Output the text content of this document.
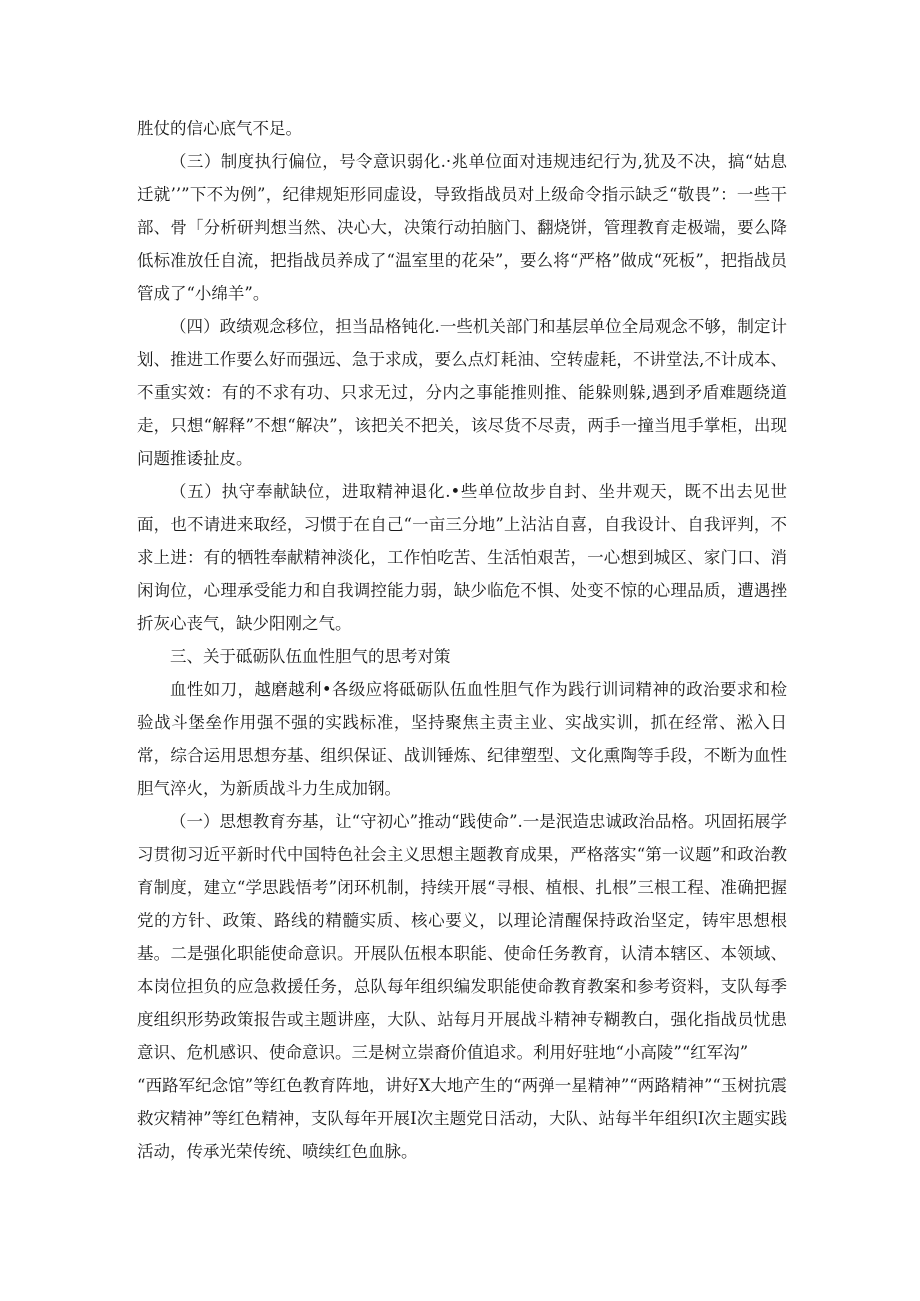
胜仗的信心底气不足。

（三）制度执行偏位，号令意识弱化.·兆单位面对违规违纪行为,犹及不决，搞“姑息迁就’’”下不为例”，纪律规矩形同虚设，导致指战员对上级命令指示缺乏“敬畏”：一些干部、骨「分析研判想当然、决心大，决策行动拍脑门、翻烧饼，管理教育走极端，要么降低标准放任自流，把指战员养成了“温室里的花朵”，要么将“严格”做成“死板”，把指战员管成了“小绵羊”。

（四）政绩观念移位，担当品格钝化.一些机关部门和基层单位全局观念不够，制定计划、推进工作要么好而强远、急于求成，要么点灯耗油、空转虚耗，不讲堂法,不计成本、不重实效：有的不求有功、只求无过，分内之事能推则推、能躲则躲,遇到矛盾难题绕道走，只想“解释”不想“解决”，该把关不把关，该尽货不尽责，两手一撞当甩手掌柜，出现问题推诿扯皮。

（五）执守奉献缺位，进取精神退化.•些单位故步自封、坐井观天，既不出去见世面，也不请进来取经，习惯于在自己“一亩三分地”上沾沾自喜，自我设计、自我评判，不求上进：有的牺牲奉献精神淡化，工作怕吃苦、生活怕艰苦，一心想到城区、家门口、消闲询位，心理承受能力和自我调控能力弱，缺少临危不惧、处变不惊的心理品质，遭遇挫折灰心丧气，缺少阳刚之气。

三、关于砥砺队伍血性胆气的思考对策

血性如刀，越磨越利•各级应将砥砺队伍血性胆气作为践行训词精神的政治要求和检验战斗堡垒作用强不强的实践标准，坚持聚焦主责主业、实战实训，抓在经常、淞入日常，综合运用思想夯基、组织保证、战训锤炼、纪律塑型、文化熏陶等手段，不断为血性胆气淬火，为新质战斗力生成加钢。

（一）思想教育夯基，让“守初心”推动“践使命”.一是泯造忠诚政治品格。巩固拓展学习贯彻习近平新时代中国特色社会主义思想主题教育成果，严格落实“第一议题”和政治教育制度，建立“学思践悟考”闭环机制，持续开展“寻根、植根、扎根”三根工程、准确把握党的方针、政策、路线的精髓实质、核心要义，以理论清醒保持政治坚定，铸牢思想根基。二是强化职能使命意识。开展队伍根本职能、使命任务教育，认清本辖区、本领域、本岗位担负的应急救援任务，总队每年组织编发职能使命教育教案和参考资料，支队每季度组织形势政策报告或主题讲座，大队、站每月开展战斗精神专糊教白，强化指战员忧患意识、危机感识、使命意识。三是树立崇裔价值追求。利用好驻地“小高陵”“红军沟”

“西路军纪念馆”等红色教育阵地，讲好X大地产生的“两弹一星精神”“两路精神”“玉树抗震救灾精神”等红色精神，支队每年开展I次主题党日活动，大队、站每半年组织I次主题实践活动，传承光荣传统、喷续红色血脉。
